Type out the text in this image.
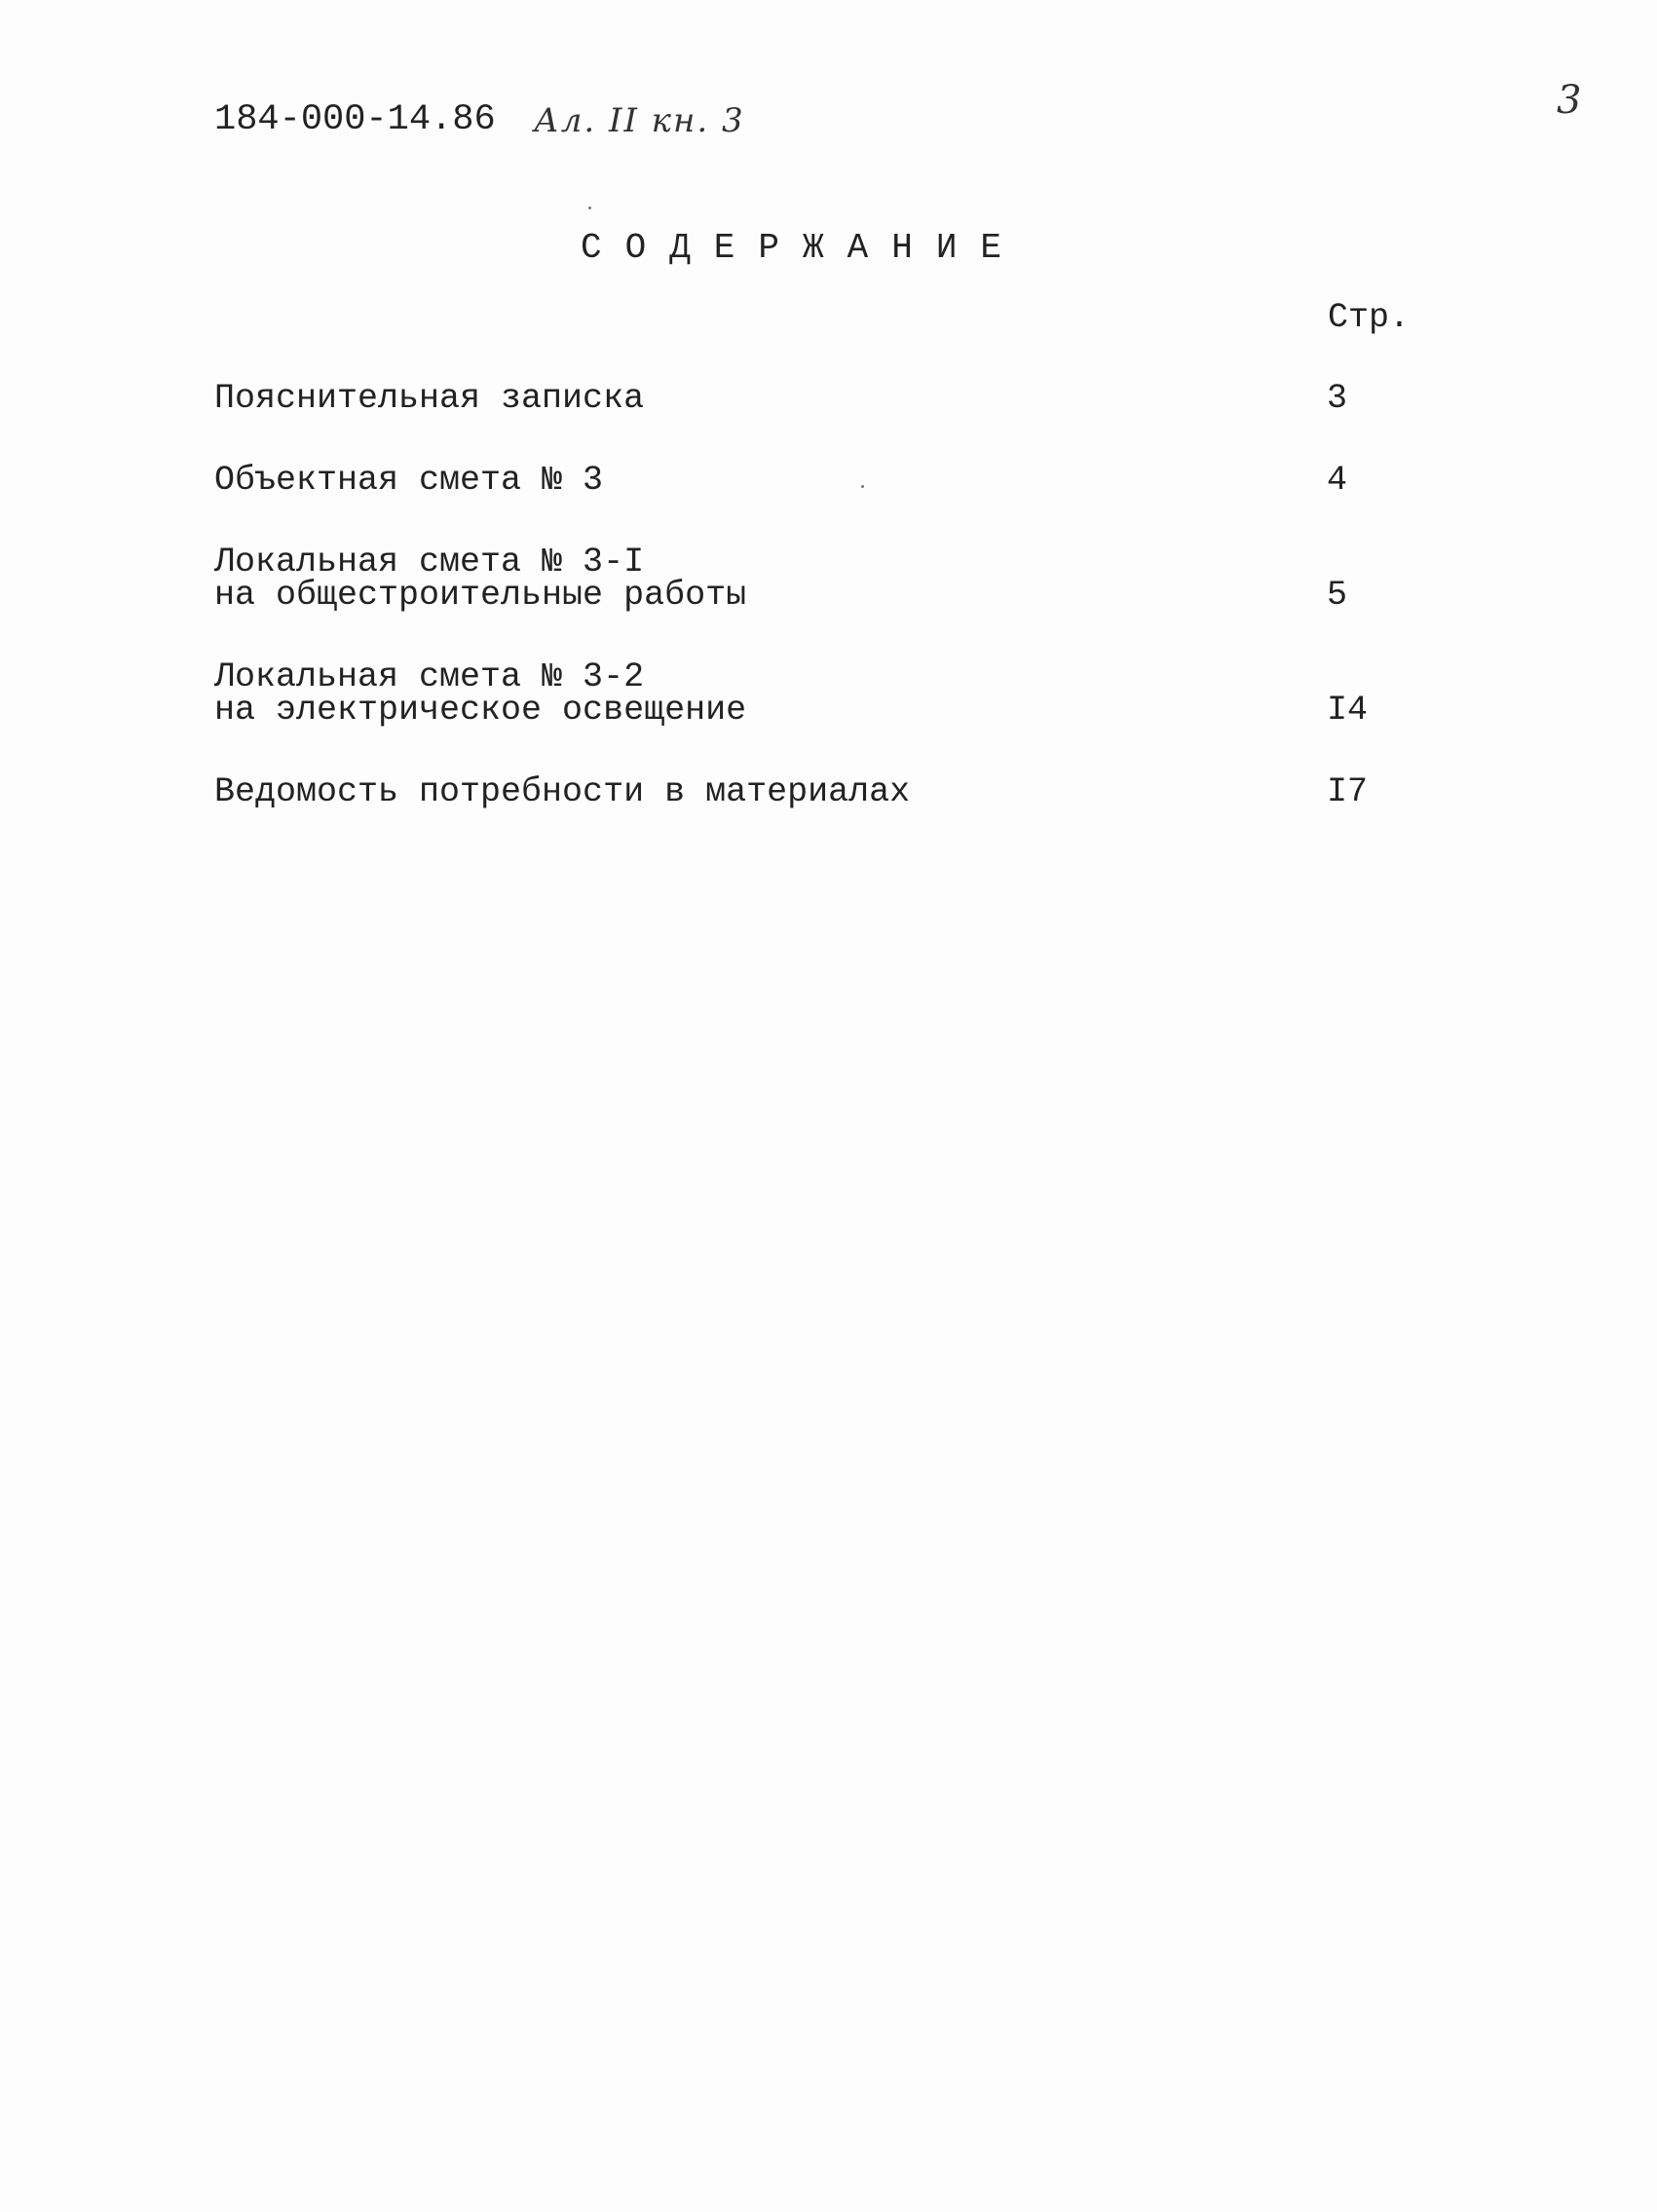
184-000-14.86 Ал. II кн. 3	3
СОДЕРЖАНИЕ
Стр.
Пояснительная записка	3
Объектная смета № 3	4
Локальная смета № 3-I
на общестроительные работы	5
Локальная смета № 3-2
на электрическое освещение	I4
Ведомость потребности в материалах	I7
